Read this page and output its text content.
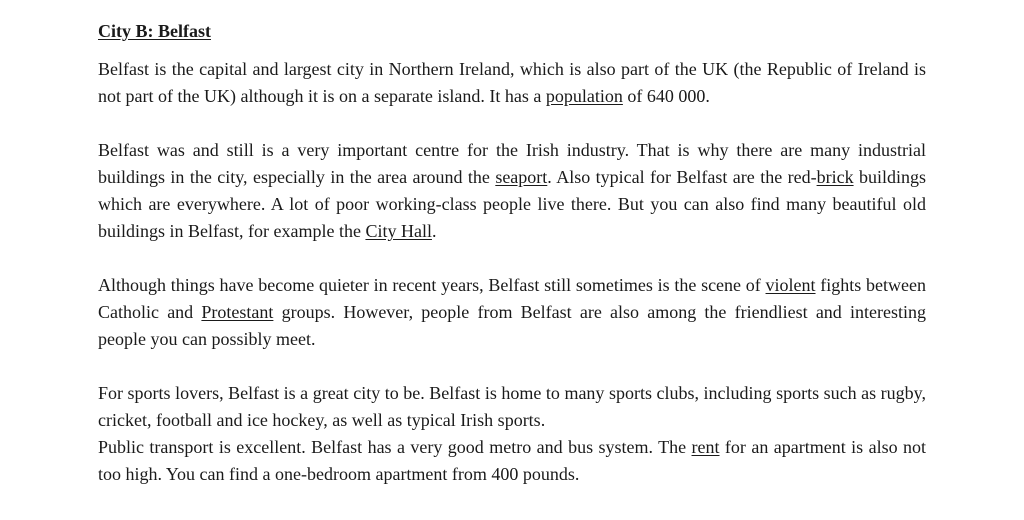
City B: Belfast

Belfast is the capital and largest city in Northern Ireland, which is also part of the UK (the Republic of Ireland is not part of the UK) although it is on a separate island. It has a population of 640 000.

Belfast was and still is a very important centre for the Irish industry. That is why there are many industrial buildings in the city, especially in the area around the seaport. Also typical for Belfast are the red-brick buildings which are everywhere. A lot of poor working-class people live there. But you can also find many beautiful old buildings in Belfast, for example the City Hall.

Although things have become quieter in recent years, Belfast still sometimes is the scene of violent fights between Catholic and Protestant groups. However, people from Belfast are also among the friendliest and interesting people you can possibly meet.

For sports lovers, Belfast is a great city to be. Belfast is home to many sports clubs, including sports such as rugby, cricket, football and ice hockey, as well as typical Irish sports.

Public transport is excellent. Belfast has a very good metro and bus system. The rent for an apartment is also not too high. You can find a one-bedroom apartment from 400 pounds.
